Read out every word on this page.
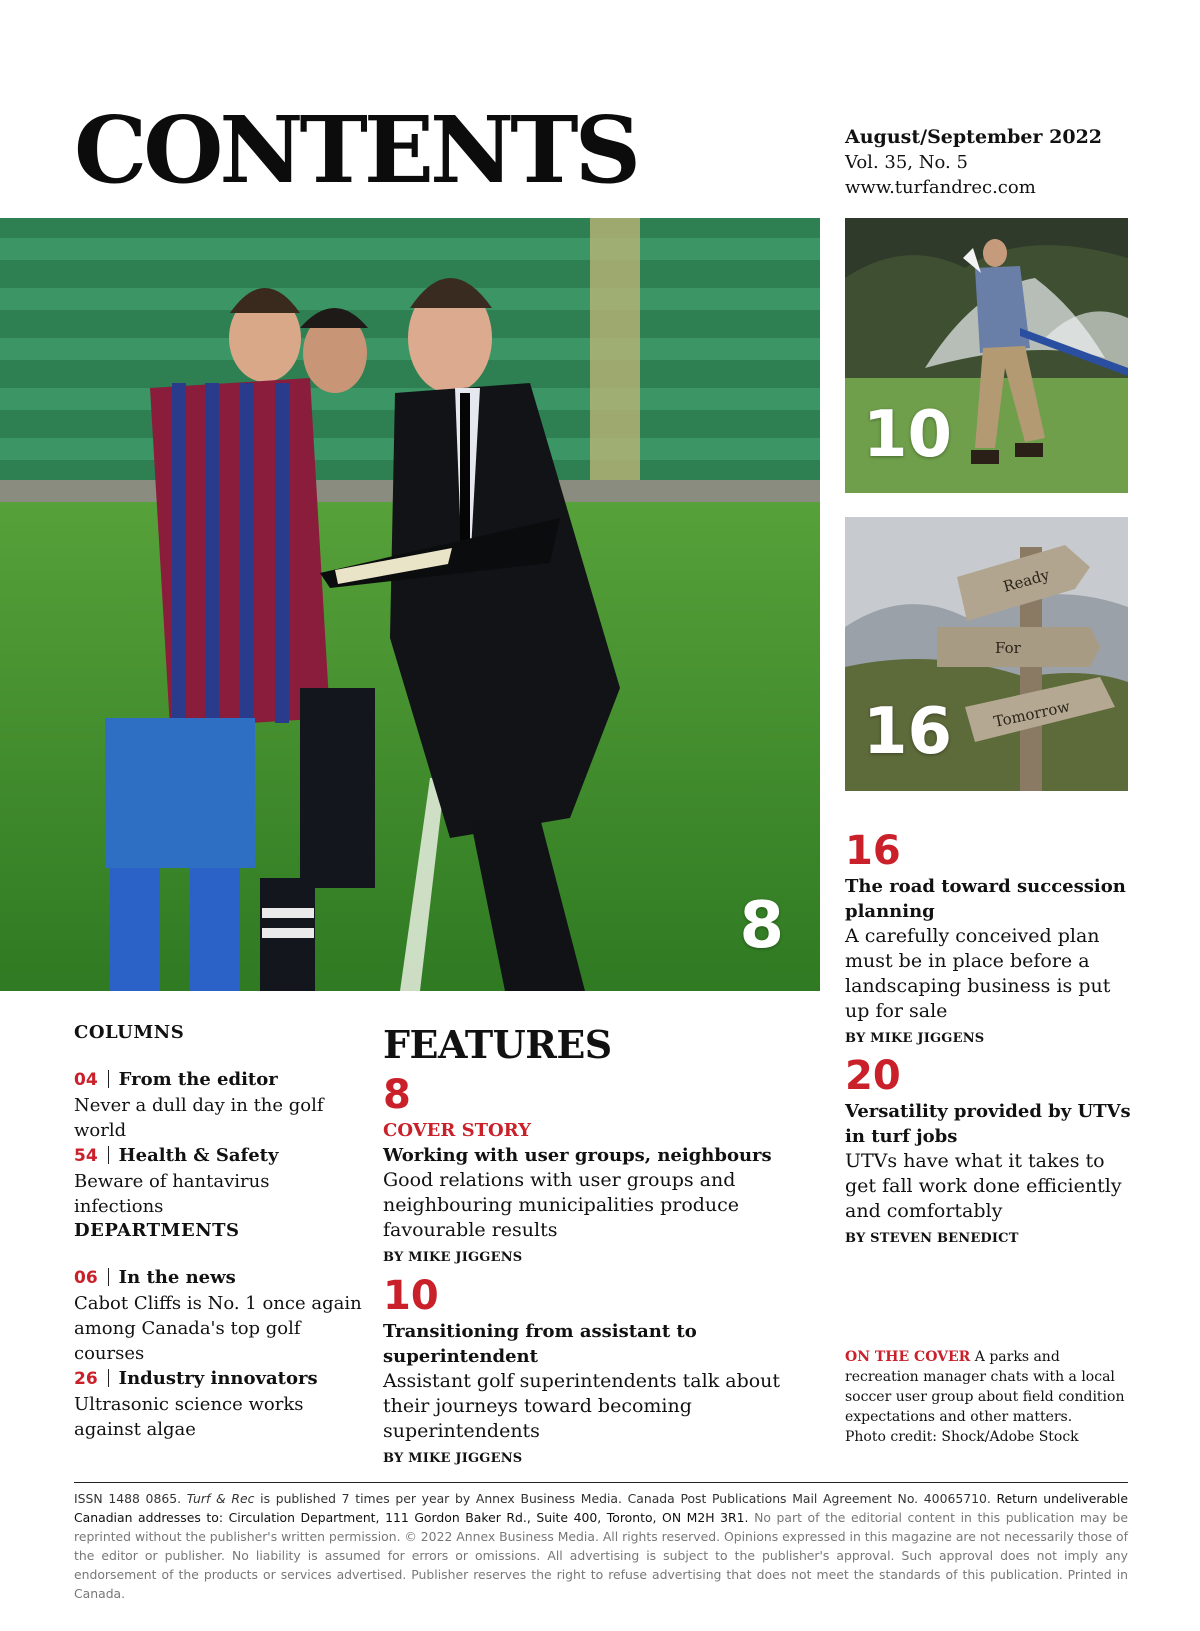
CONTENTS	August/September 2022
Vol. 35, No. 5
www.turfandrec.com
8
10
Ready
For
Tomorrow
16
16
The road toward succession planning
A carefully conceived plan must be in place before a landscaping business is put up for sale
BY MIKE JIGGENS
20
Versatility provided by UTVs in turf jobs
UTVs have what it takes to get fall work done efficiently and comfortably
BY STEVEN BENEDICT
COLUMNS
04 From the editor
Never a dull day in the golf world
54 Health & Safety
Beware of hantavirus infections
DEPARTMENTS
06 In the news
Cabot Cliffs is No. 1 once again among Canada's top golf courses
26 Industry innovators
Ultrasonic science works against algae
FEATURES
8
COVER STORY
Working with user groups, neighbours
Good relations with user groups and neighbouring municipalities produce favourable results
BY MIKE JIGGENS
10
Transitioning from assistant to superintendent
Assistant golf superintendents talk about their journeys toward becoming superintendents
BY MIKE JIGGENS
ON THE COVER A parks and recreation manager chats with a local soccer user group about field condition expectations and other matters.
Photo credit: Shock/Adobe Stock
ISSN 1488 0865. Turf & Rec is published 7 times per year by Annex Business Media. Canada Post Publications Mail Agreement No. 40065710. Return undeliverable Canadian addresses to: Circulation Department, 111 Gordon Baker Rd., Suite 400, Toronto, ON M2H 3R1. No part of the editorial content in this publication may be reprinted without the publisher's written permission. © 2022 Annex Business Media. All rights reserved. Opinions expressed in this magazine are not necessarily those of the editor or publisher. No liability is assumed for errors or omissions. All advertising is subject to the publisher's approval. Such approval does not imply any endorsement of the products or services advertised. Publisher reserves the right to refuse advertising that does not meet the standards of this publication. Printed in Canada.
